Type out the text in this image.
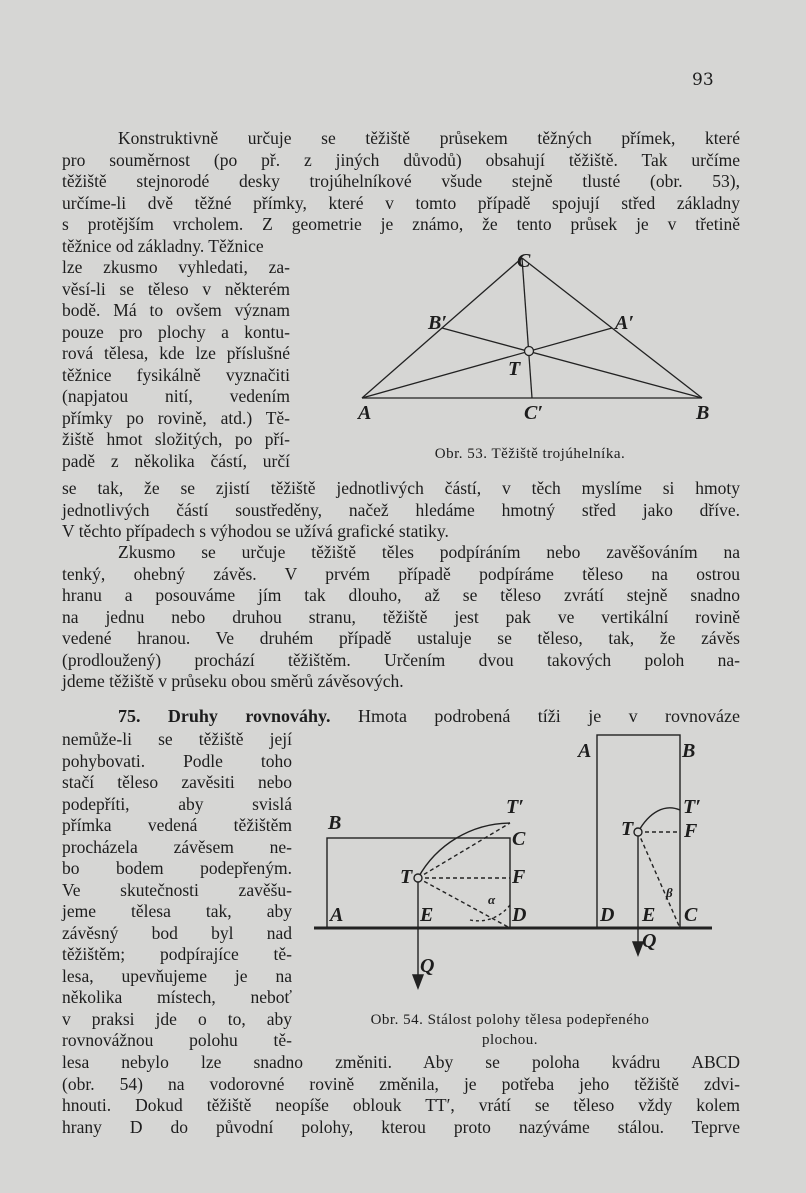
93
Konstruktivně určuje se těžiště průsekem těžných přímek, které
pro souměrnost (po př. z jiných důvodů) obsahují těžiště. Tak určíme
těžiště stejnorodé desky trojúhelníkové všude stejně tlusté (obr. 53),
určíme-li dvě těžné přímky, které v tomto případě spojují střed základny
s protějším vrcholem. Z geometrie je známo, že tento průsek je v třetině
těžnice od základny. Těžnice
lze zkusmo vyhledati, za-
věsí-li se těleso v některém
bodě. Má to ovšem význam
pouze pro plochy a kontu-
rová tělesa, kde lze příslušné
těžnice fysikálně vyznačiti
(napjatou nití, vedením
přímky po rovině, atd.) Tě-
žiště hmot složitých, po pří-
padě z několika částí, určí
se tak, že se zjistí těžiště jednotlivých částí, v těch myslíme si hmoty
jednotlivých částí soustředěny, načež hledáme hmotný střed jako dříve.
V těchto případech s výhodou se užívá grafické statiky.
Zkusmo se určuje těžiště těles podpíráním nebo zavěšováním na
tenký, ohebný závěs. V prvém případě podpíráme těleso na ostrou
hranu a posouváme jím tak dlouho, až se těleso zvrátí stejně snadno
na jednu nebo druhou stranu, těžiště jest pak ve vertikální rovině
vedené hranou. Ve druhém případě ustaluje se těleso, tak, že závěs
(prodloužený) prochází těžištěm. Určením dvou takových poloh na-
jdeme těžiště v průseku obou směrů závěsových.
75. Druhy rovnováhy. Hmota podrobená tíži je v rovnováze
nemůže-li se těžiště její
pohybovati. Podle toho
stačí těleso zavěsiti nebo
podepříti, aby svislá
přímka vedená těžištěm
procházela závěsem ne-
bo bodem podepřeným.
Ve skutečnosti zavěšu-
jeme tělesa tak, aby
závěsný bod byl nad
těžištěm; podpírajíce tě-
lesa, upevňujeme je na
několika místech, neboť
v praksi jde o to, aby
rovnovážnou polohu tě-
lesa nebylo lze snadno změniti. Aby se poloha kvádru ABCD
(obr. 54) na vodorovné rovině změnila, je potřeba jeho těžiště zdvi-
hnouti. Dokud těžiště neopíše oblouk TT′, vrátí se těleso vždy kolem
hrany D do původní polohy, kterou proto nazýváme stálou. Teprve
C
B′	A′
T
A	C′	B
Obr. 53. Těžiště trojúhelníka.
B
T′
C
T	F
α
A	E	D
Q
A	B
T′
T	F
β
D E C
Q
Obr. 54. Stálost polohy tělesa podepřeného
plochou.
